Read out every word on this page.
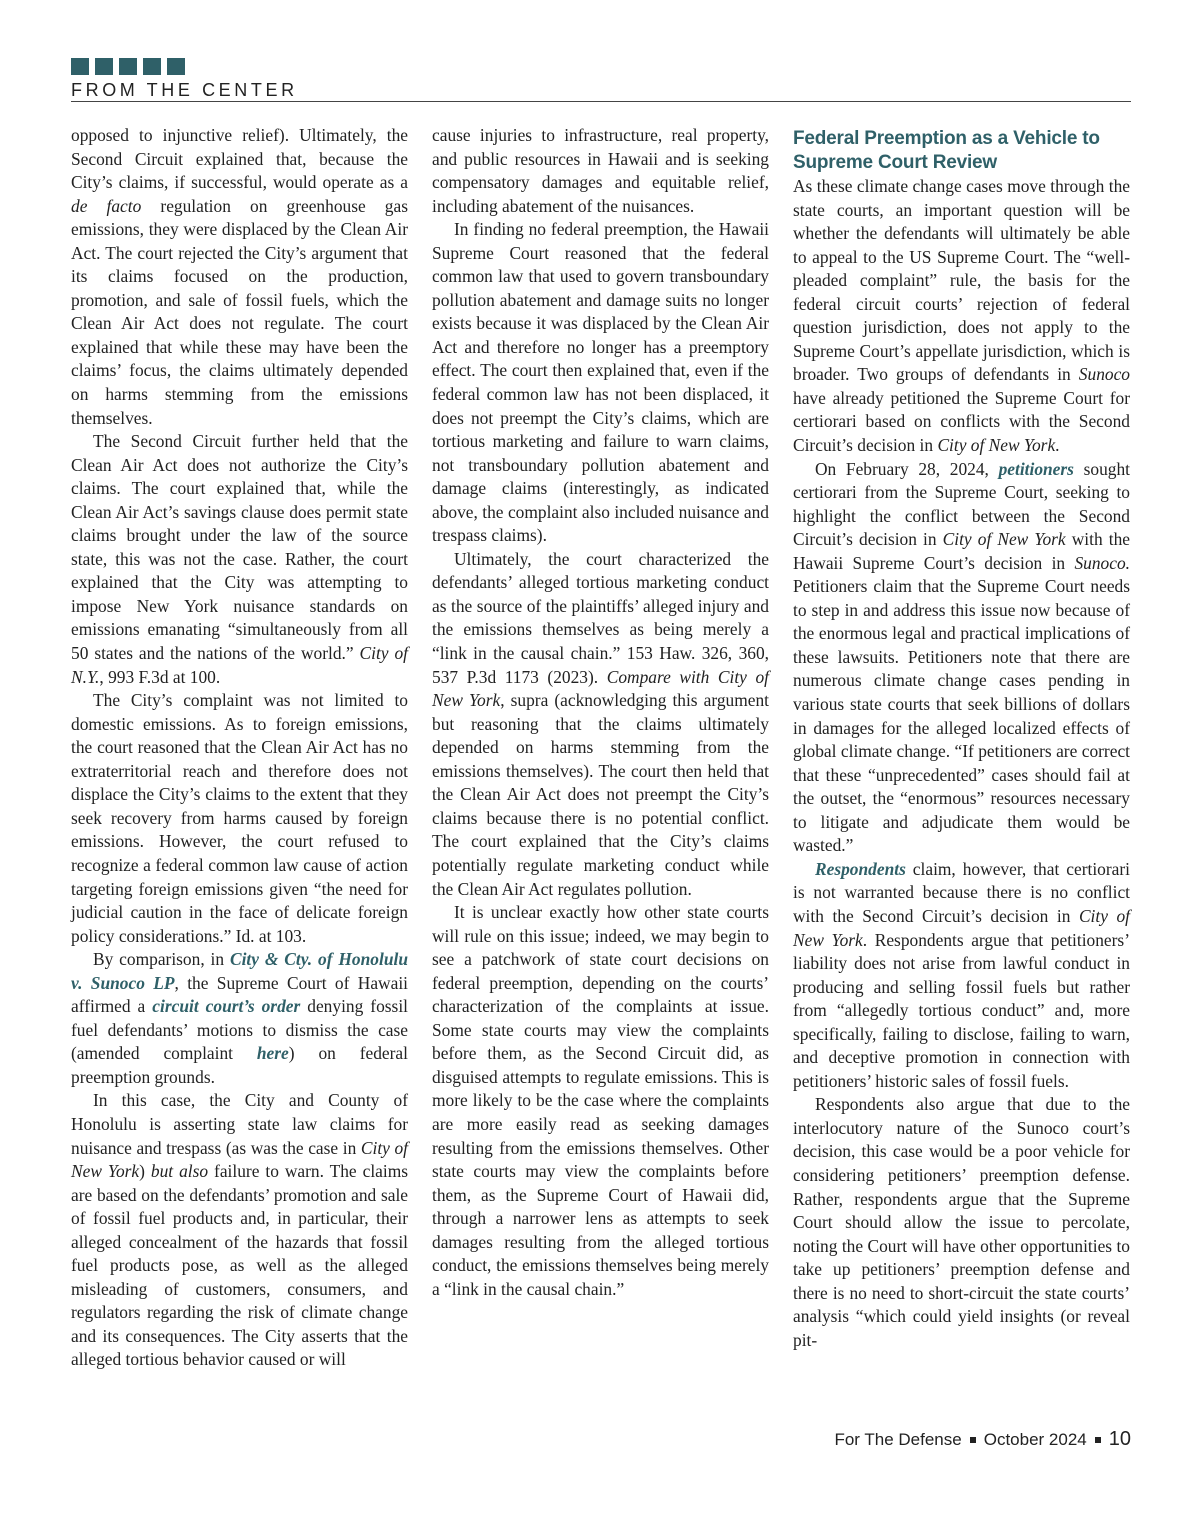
FROM THE CENTER

opposed to injunctive relief). Ultimately, the Second Circuit explained that, because the City’s claims, if successful, would operate as a de facto regulation on greenhouse gas emissions, they were displaced by the Clean Air Act. The court rejected the City’s argument that its claims focused on the production, promotion, and sale of fossil fuels, which the Clean Air Act does not regulate. The court explained that while these may have been the claims’ focus, the claims ultimately depended on harms stemming from the emissions themselves.

The Second Circuit further held that the Clean Air Act does not authorize the City’s claims. The court explained that, while the Clean Air Act’s savings clause does permit state claims brought under the law of the source state, this was not the case. Rather, the court explained that the City was attempting to impose New York nuisance standards on emissions emanating “simultaneously from all 50 states and the nations of the world.” City of N.Y., 993 F.3d at 100.

The City’s complaint was not limited to domestic emissions. As to foreign emissions, the court reasoned that the Clean Air Act has no extraterritorial reach and therefore does not displace the City’s claims to the extent that they seek recovery from harms caused by foreign emissions. However, the court refused to recognize a federal common law cause of action targeting foreign emissions given “the need for judicial caution in the face of delicate foreign policy considerations.” Id. at 103.

By comparison, in City & Cty. of Honolulu v. Sunoco LP, the Supreme Court of Hawaii affirmed a circuit court’s order denying fossil fuel defendants’ motions to dismiss the case (amended complaint here) on federal preemption grounds.

In this case, the City and County of Honolulu is asserting state law claims for nuisance and trespass (as was the case in City of New York) but also failure to warn. The claims are based on the defendants’ promotion and sale of fossil fuel products and, in particular, their alleged concealment of the hazards that fossil fuel products pose, as well as the alleged misleading of customers, consumers, and regulators regarding the risk of climate change and its consequences. The City asserts that the alleged tortious behavior caused or will

cause injuries to infrastructure, real property, and public resources in Hawaii and is seeking compensatory damages and equitable relief, including abatement of the nuisances.

In finding no federal preemption, the Hawaii Supreme Court reasoned that the federal common law that used to govern transboundary pollution abatement and damage suits no longer exists because it was displaced by the Clean Air Act and therefore no longer has a preemptory effect. The court then explained that, even if the federal common law has not been displaced, it does not preempt the City’s claims, which are tortious marketing and failure to warn claims, not transboundary pollution abatement and damage claims (interestingly, as indicated above, the complaint also included nuisance and trespass claims).

Ultimately, the court characterized the defendants’ alleged tortious marketing conduct as the source of the plaintiffs’ alleged injury and the emissions themselves as being merely a “link in the causal chain.” 153 Haw. 326, 360, 537 P.3d 1173 (2023). Compare with City of New York, supra (acknowledging this argument but reasoning that the claims ultimately depended on harms stemming from the emissions themselves). The court then held that the Clean Air Act does not preempt the City’s claims because there is no potential conflict. The court explained that the City’s claims potentially regulate marketing conduct while the Clean Air Act regulates pollution.

It is unclear exactly how other state courts will rule on this issue; indeed, we may begin to see a patchwork of state court decisions on federal preemption, depending on the courts’ characterization of the complaints at issue. Some state courts may view the complaints before them, as the Second Circuit did, as disguised attempts to regulate emissions. This is more likely to be the case where the complaints are more easily read as seeking damages resulting from the emissions themselves. Other state courts may view the complaints before them, as the Supreme Court of Hawaii did, through a narrower lens as attempts to seek damages resulting from the alleged tortious conduct, the emissions themselves being merely a “link in the causal chain.”

Federal Preemption as a Vehicle to Supreme Court Review

As these climate change cases move through the state courts, an important question will be whether the defendants will ultimately be able to appeal to the US Supreme Court. The “well-pleaded complaint” rule, the basis for the federal circuit courts’ rejection of federal question jurisdiction, does not apply to the Supreme Court’s appellate jurisdiction, which is broader. Two groups of defendants in Sunoco have already petitioned the Supreme Court for certiorari based on conflicts with the Second Circuit’s decision in City of New York.

On February 28, 2024, petitioners sought certiorari from the Supreme Court, seeking to highlight the conflict between the Second Circuit’s decision in City of New York with the Hawaii Supreme Court’s decision in Sunoco. Petitioners claim that the Supreme Court needs to step in and address this issue now because of the enormous legal and practical implications of these lawsuits. Petitioners note that there are numerous climate change cases pending in various state courts that seek billions of dollars in damages for the alleged localized effects of global climate change. “If petitioners are correct that these “unprecedented” cases should fail at the outset, the “enormous” resources necessary to litigate and adjudicate them would be wasted.”

Respondents claim, however, that certiorari is not warranted because there is no conflict with the Second Circuit’s decision in City of New York. Respondents argue that petitioners’ liability does not arise from lawful conduct in producing and selling fossil fuels but rather from “allegedly tortious conduct” and, more specifically, failing to disclose, failing to warn, and deceptive promotion in connection with petitioners’ historic sales of fossil fuels.

Respondents also argue that due to the interlocutory nature of the Sunoco court’s decision, this case would be a poor vehicle for considering petitioners’ preemption defense. Rather, respondents argue that the Supreme Court should allow the issue to percolate, noting the Court will have other opportunities to take up petitioners’ preemption defense and there is no need to short-circuit the state courts’ analysis “which could yield insights (or reveal pit-

For The Defense October 2024 10
